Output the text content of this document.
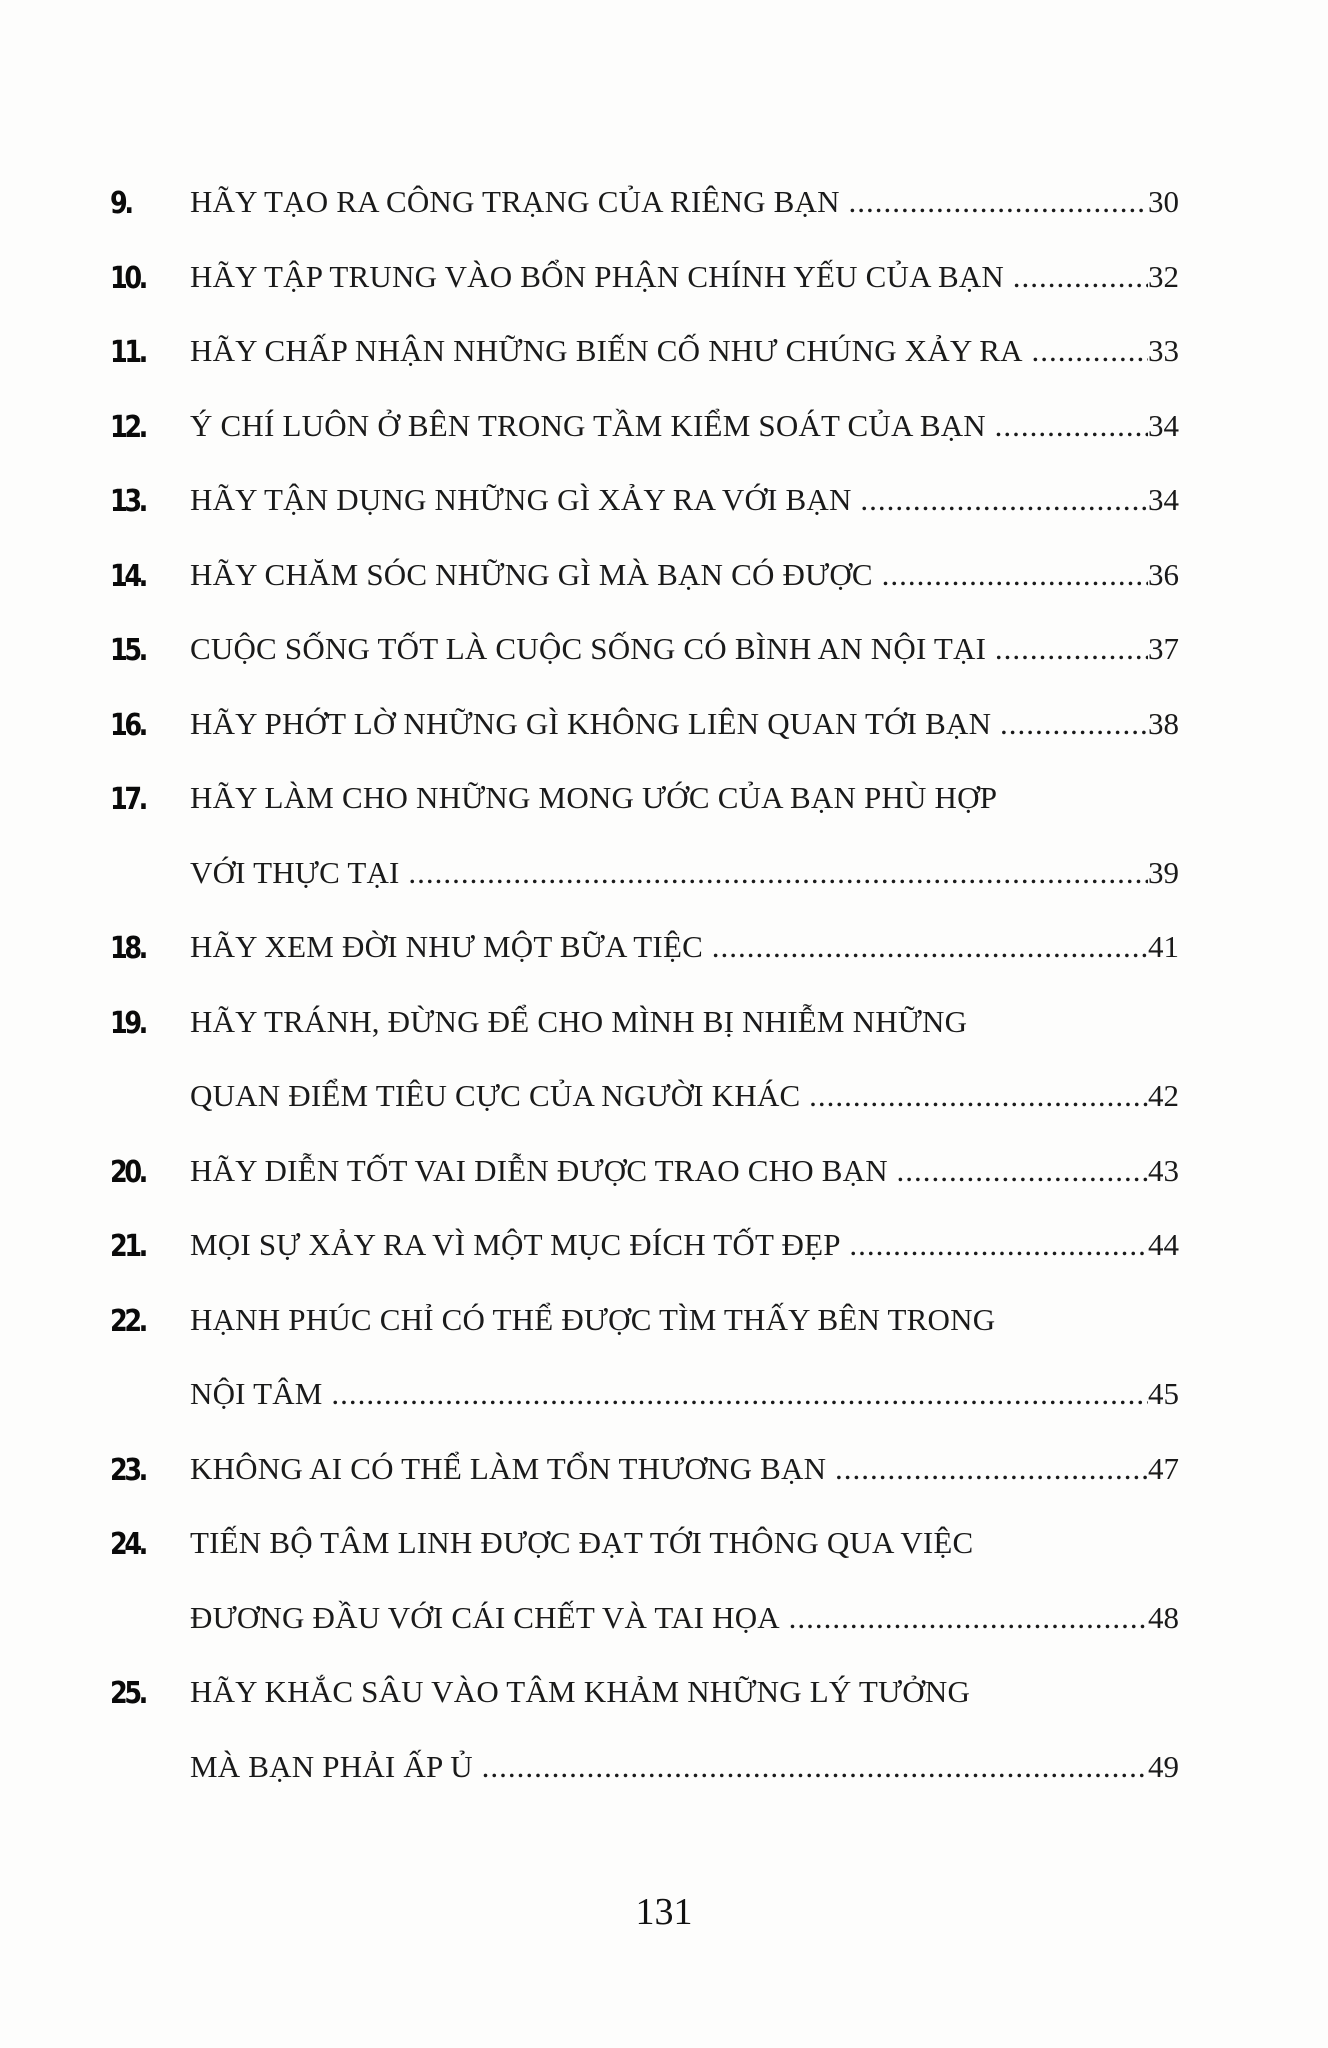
9. HÃY TẠO RA CÔNG TRẠNG CỦA RIÊNG BẠN .....	30
10. HÃY TẬP TRUNG VÀO BỔN PHẬN CHÍNH YẾU CỦA BẠN .....	32
11. HÃY CHẤP NHẬN NHỮNG BIẾN CỐ NHƯ CHÚNG XẢY RA .....	33
12. Ý CHÍ LUÔN Ở BÊN TRONG TẦM KIỂM SOÁT CỦA BẠN .....	34
13. HÃY TẬN DỤNG NHỮNG GÌ XẢY RA VỚI BẠN .....	34
14. HÃY CHĂM SÓC NHỮNG GÌ MÀ BẠN CÓ ĐƯỢC .....	36
15. CUỘC SỐNG TỐT LÀ CUỘC SỐNG CÓ BÌNH AN NỘI TẠI .....	37
16. HÃY PHỚT LỜ NHỮNG GÌ KHÔNG LIÊN QUAN TỚI BẠN .....	38
17. HÃY LÀM CHO NHỮNG MONG ƯỚC CỦA BẠN PHÙ HỢP
VỚI THỰC TẠI .....	39
18. HÃY XEM ĐỜI NHƯ MỘT BỮA TIỆC .....	41
19. HÃY TRÁNH, ĐỪNG ĐỂ CHO MÌNH BỊ NHIỄM NHỮNG
QUAN ĐIỂM TIÊU CỰC CỦA NGƯỜI KHÁC .....	42
20. HÃY DIỄN TỐT VAI DIỄN ĐƯỢC TRAO CHO BẠN .....	43
21. MỌI SỰ XẢY RA VÌ MỘT MỤC ĐÍCH TỐT ĐẸP .....	44
22. HẠNH PHÚC CHỈ CÓ THỂ ĐƯỢC TÌM THẤY BÊN TRONG
NỘI TÂM .....	45
23. KHÔNG AI CÓ THỂ LÀM TỔN THƯƠNG BẠN .....	47
24. TIẾN BỘ TÂM LINH ĐƯỢC ĐẠT TỚI THÔNG QUA VIỆC
ĐƯƠNG ĐẦU VỚI CÁI CHẾT VÀ TAI HỌA .....	48
25. HÃY KHẮC SÂU VÀO TÂM KHẢM NHỮNG LÝ TƯỞNG
MÀ BẠN PHẢI ẤP Ủ .....	49
131
